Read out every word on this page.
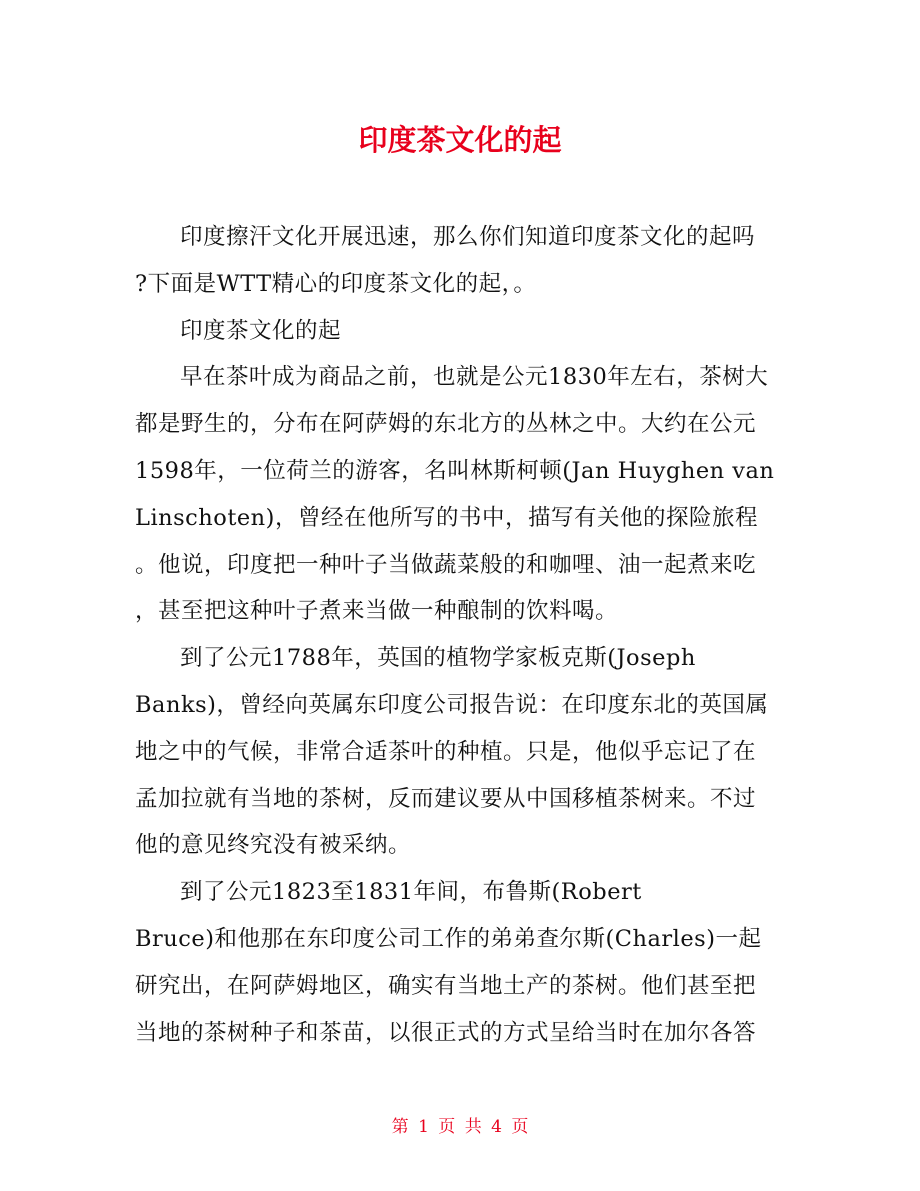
印度茶文化的起
印度擦汗文化开展迅速，那么你们知道印度茶文化的起吗
?下面是WTT精心的印度茶文化的起，。
印度茶文化的起
早在茶叶成为商品之前，也就是公元1830年左右，茶树大
都是野生的，分布在阿萨姆的东北方的丛林之中。大约在公元
1598年，一位荷兰的游客，名叫林斯柯顿(Jan Huyghen van
Linschoten)，曾经在他所写的书中，描写有关他的探险旅程
。他说，印度把一种叶子当做蔬菜般的和咖哩、油一起煮来吃
，甚至把这种叶子煮来当做一种酿制的饮料喝。
到了公元1788年，英国的植物学家板克斯(Joseph
Banks)，曾经向英属东印度公司报告说：在印度东北的英国属
地之中的气候，非常合适茶叶的种植。只是，他似乎忘记了在
孟加拉就有当地的茶树，反而建议要从中国移植茶树来。不过
他的意见终究没有被采纳。
到了公元1823至1831年间，布鲁斯(Robert
Bruce)和他那在东印度公司工作的弟弟查尔斯(Charles)一起
研究出，在阿萨姆地区，确实有当地土产的茶树。他们甚至把
当地的茶树种子和茶苗，以很正式的方式呈给当时在加尔各答
第 1 页 共 4 页
